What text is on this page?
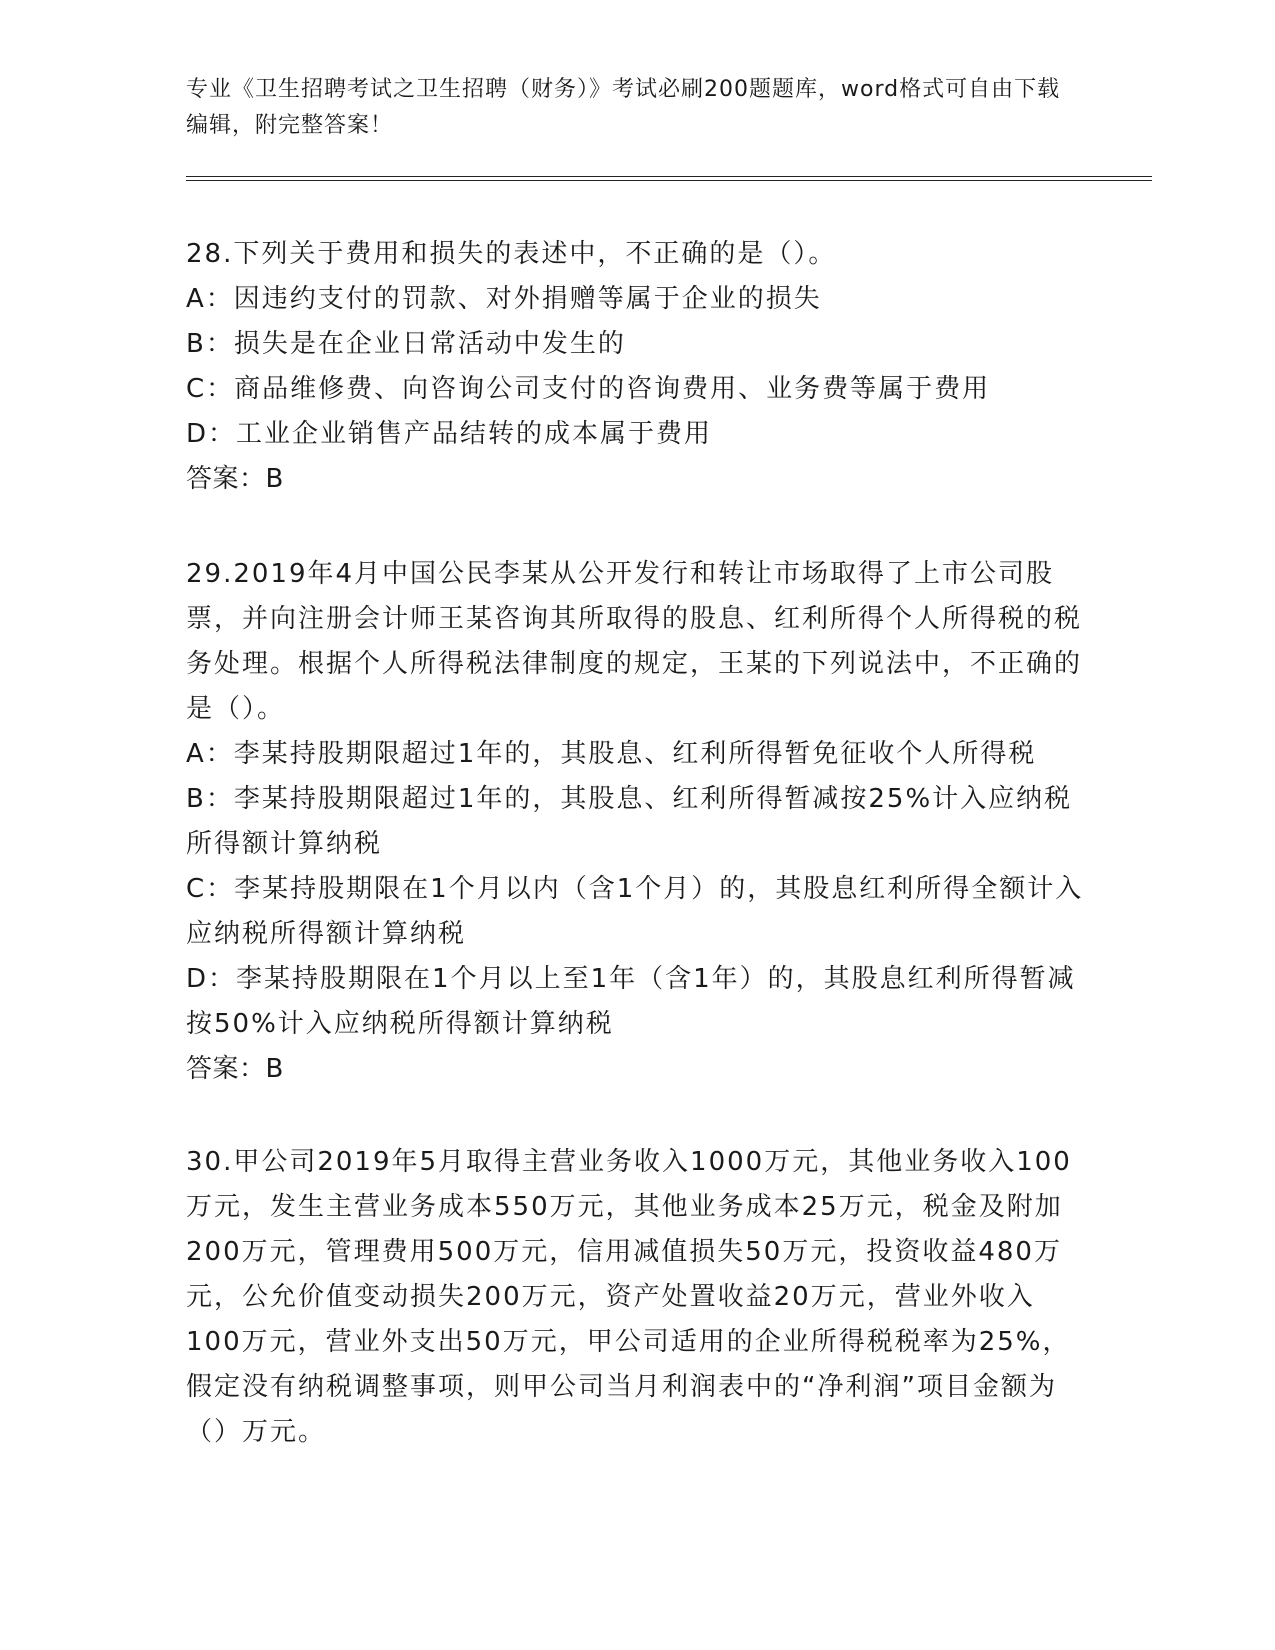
专业《卫生招聘考试之卫生招聘（财务）》考试必刷200题题库，word格式可自由下载编辑，附完整答案！

28.下列关于费用和损失的表述中，不正确的是（）。

A：因违约支付的罚款、对外捐赠等属于企业的损失

B：损失是在企业日常活动中发生的

C：商品维修费、向咨询公司支付的咨询费用、业务费等属于费用

D：工业企业销售产品结转的成本属于费用

答案：B

29.2019年4月中国公民李某从公开发行和转让市场取得了上市公司股票，并向注册会计师王某咨询其所取得的股息、红利所得个人所得税的税务处理。根据个人所得税法律制度的规定，王某的下列说法中，不正确的是（）。

A：李某持股期限超过1年的，其股息、红利所得暂免征收个人所得税

B：李某持股期限超过1年的，其股息、红利所得暂减按25%计入应纳税所得额计算纳税

C：李某持股期限在1个月以内（含1个月）的，其股息红利所得全额计入应纳税所得额计算纳税

D：李某持股期限在1个月以上至1年（含1年）的，其股息红利所得暂减按50%计入应纳税所得额计算纳税

答案：B

30.甲公司2019年5月取得主营业务收入1000万元，其他业务收入100万元，发生主营业务成本550万元，其他业务成本25万元，税金及附加200万元，管理费用500万元，信用减值损失50万元，投资收益480万元，公允价值变动损失200万元，资产处置收益20万元，营业外收入100万元，营业外支出50万元，甲公司适用的企业所得税税率为25%，假定没有纳税调整事项，则甲公司当月利润表中的“净利润”项目金额为（）万元。
